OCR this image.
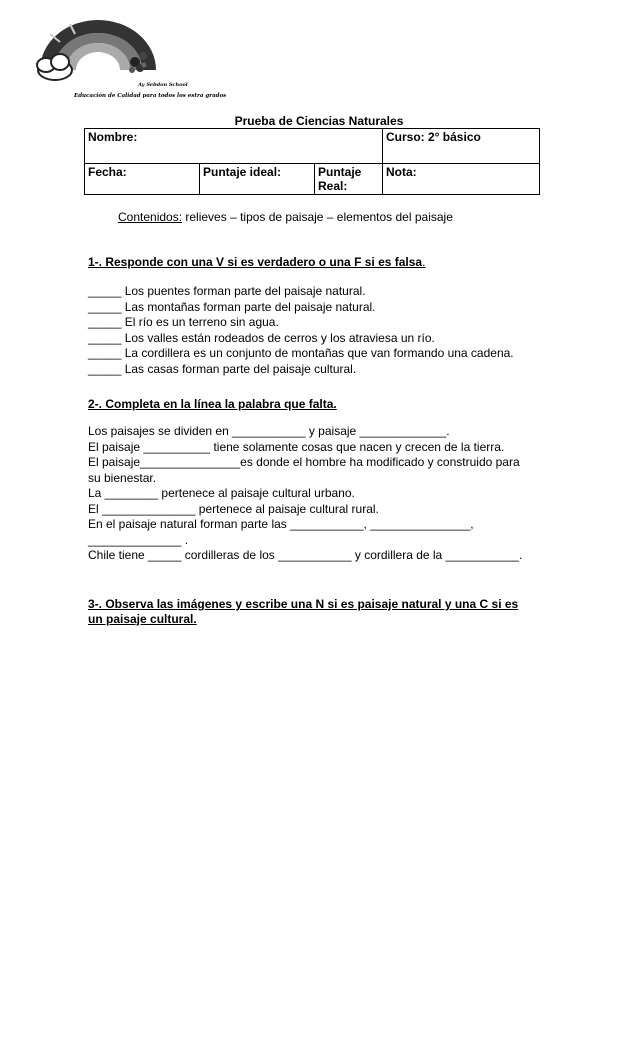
Ay Sebdon School
Educación de Calidad para todos los estra grados
Prueba de Ciencias Naturales
Nombre:			Curso: 2° básico
Fecha:	Puntaje ideal:	Puntaje Real:	Nota:
Contenidos: relieves – tipos de paisaje – elementos del paisaje
1-. Responde con una V si es verdadero o una F si es falsa.
_____ Los puentes forman parte del paisaje natural.
_____ Las montañas forman parte del paisaje natural.
_____ El río es un terreno sin agua.
_____ Los valles están rodeados de cerros y los atraviesa un río.
_____ La cordillera es un conjunto de montañas que van formando una cadena.
_____ Las casas forman parte del paisaje cultural.
2-. Completa en la línea la palabra que falta.
Los paisajes se dividen en ___________ y paisaje _____________.
El paisaje __________ tiene solamente cosas que nacen y crecen de la tierra.
El paisaje_______________es donde el hombre ha modificado y construido para
su bienestar.
La ________ pertenece al paisaje cultural urbano.
El ______________ pertenece al paisaje cultural rural.
En el paisaje natural forman parte las ___________, _______________,
______________ .
Chile tiene _____ cordilleras de los ___________ y cordillera de la ___________.
3-. Observa las imágenes y escribe una N si es paisaje natural y una C si es
un paisaje cultural.
